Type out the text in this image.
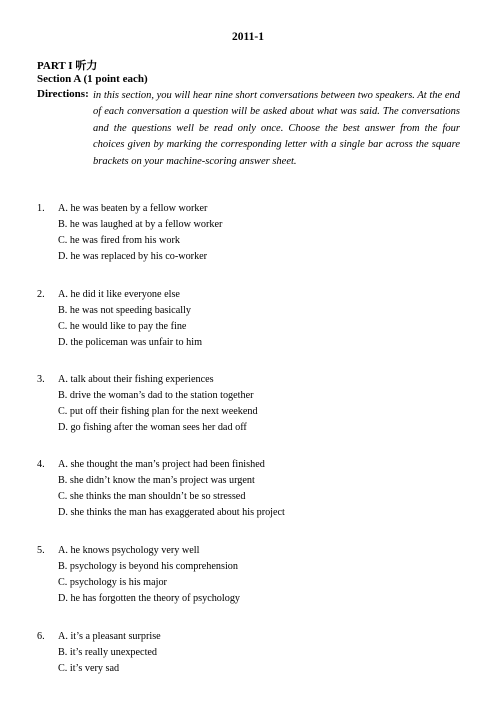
2011-1
PART I 听力
Section A (1 point each)
Directions: in this section, you will hear nine short conversations between two speakers. At the end of each conversation a question will be asked about what was said. The conversations and the questions well be read only once. Choose the best answer from the four choices given by marking the corresponding letter with a single bar across the square brackets on your machine-scoring answer sheet.
1.	A. he was beaten by a fellow worker
B. he was laughed at by a fellow worker
C. he was fired from his work
D. he was replaced by his co-worker
2.	A. he did it like everyone else
B. he was not speeding basically
C. he would like to pay the fine
D. the policeman was unfair to him
3.	A. talk about their fishing experiences
B. drive the woman’s dad to the station together
C. put off their fishing plan for the next weekend
D. go fishing after the woman sees her dad off
4.	A. she thought the man’s project had been finished
B. she didn’t know the man’s project was urgent
C. she thinks the man shouldn’t be so stressed
D. she thinks the man has exaggerated about his project
5.	A. he knows psychology very well
B. psychology is beyond his comprehension
C. psychology is his major
D. he has forgotten the theory of psychology
6.	A. it’s a pleasant surprise
B. it’s really unexpected
C. it’s very sad
